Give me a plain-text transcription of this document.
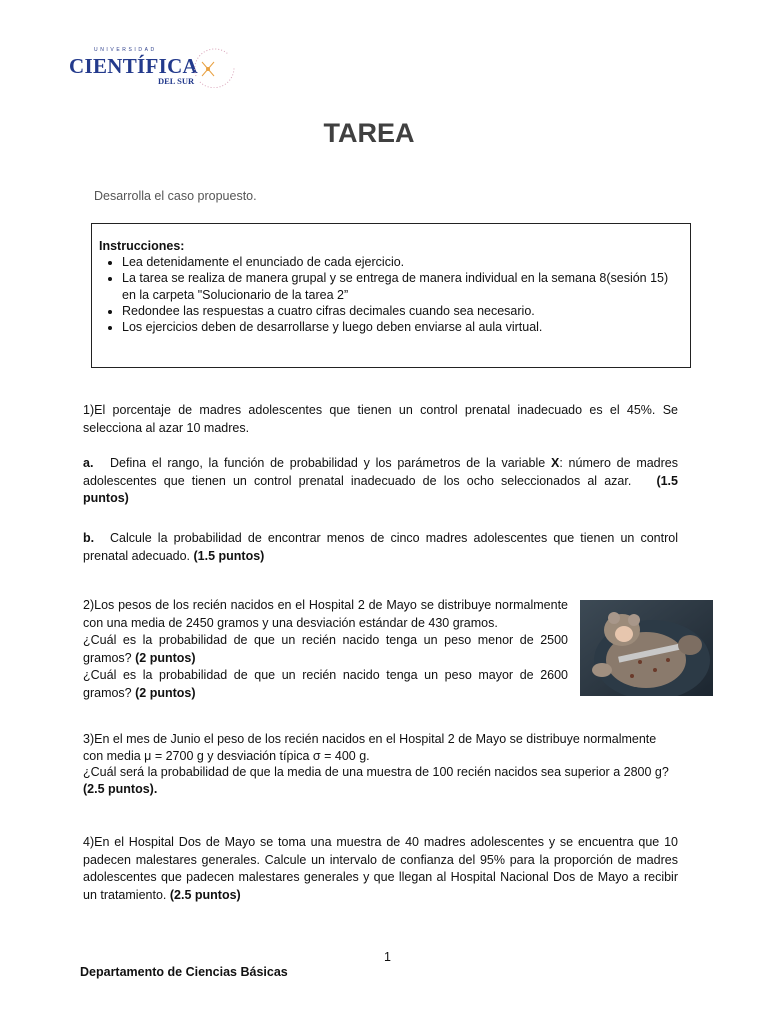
UNIVERSIDAD
CIENTÍFICA
DEL SUR
TAREA
Desarrolla el caso propuesto.
Instrucciones:
• Lea detenidamente el enunciado de cada ejercicio.
• La tarea se realiza de manera grupal y se entrega de manera individual en la semana 8(sesión 15) en la carpeta "Solucionario de la tarea 2”
• Redondee las respuestas a cuatro cifras decimales cuando sea necesario.
• Los ejercicios deben de desarrollarse y luego deben enviarse al aula virtual.
1)El porcentaje de madres adolescentes que tienen un control prenatal inadecuado es el 45%. Se selecciona al azar 10 madres.
a. Defina el rango, la función de probabilidad y los parámetros de la variable X: número de madres adolescentes que tienen un control prenatal inadecuado de los ocho seleccionados al azar. (1.5 puntos)
b. Calcule la probabilidad de encontrar menos de cinco madres adolescentes que tienen un control prenatal adecuado. (1.5 puntos)
2)Los pesos de los recién nacidos en el Hospital 2 de Mayo se distribuye normalmente con una media de 2450 gramos y una desviación estándar de 430 gramos.
¿Cuál es la probabilidad de que un recién nacido tenga un peso menor de 2500 gramos? (2 puntos)
¿Cuál es la probabilidad de que un recién nacido tenga un peso mayor de 2600 gramos? (2 puntos)
3)En el mes de Junio el peso de los recién nacidos en el Hospital 2 de Mayo se distribuye normalmente con media μ = 2700 g y desviación típica σ = 400 g.
¿Cuál será la probabilidad de que la media de una muestra de 100 recién nacidos sea superior a 2800 g? (2.5 puntos).
4)En el Hospital Dos de Mayo se toma una muestra de 40 madres adolescentes y se encuentra que 10 padecen malestares generales. Calcule un intervalo de confianza del 95% para la proporción de madres adolescentes que padecen malestares generales y que llegan al Hospital Nacional Dos de Mayo a recibir un tratamiento. (2.5 puntos)
1
Departamento de Ciencias Básicas
